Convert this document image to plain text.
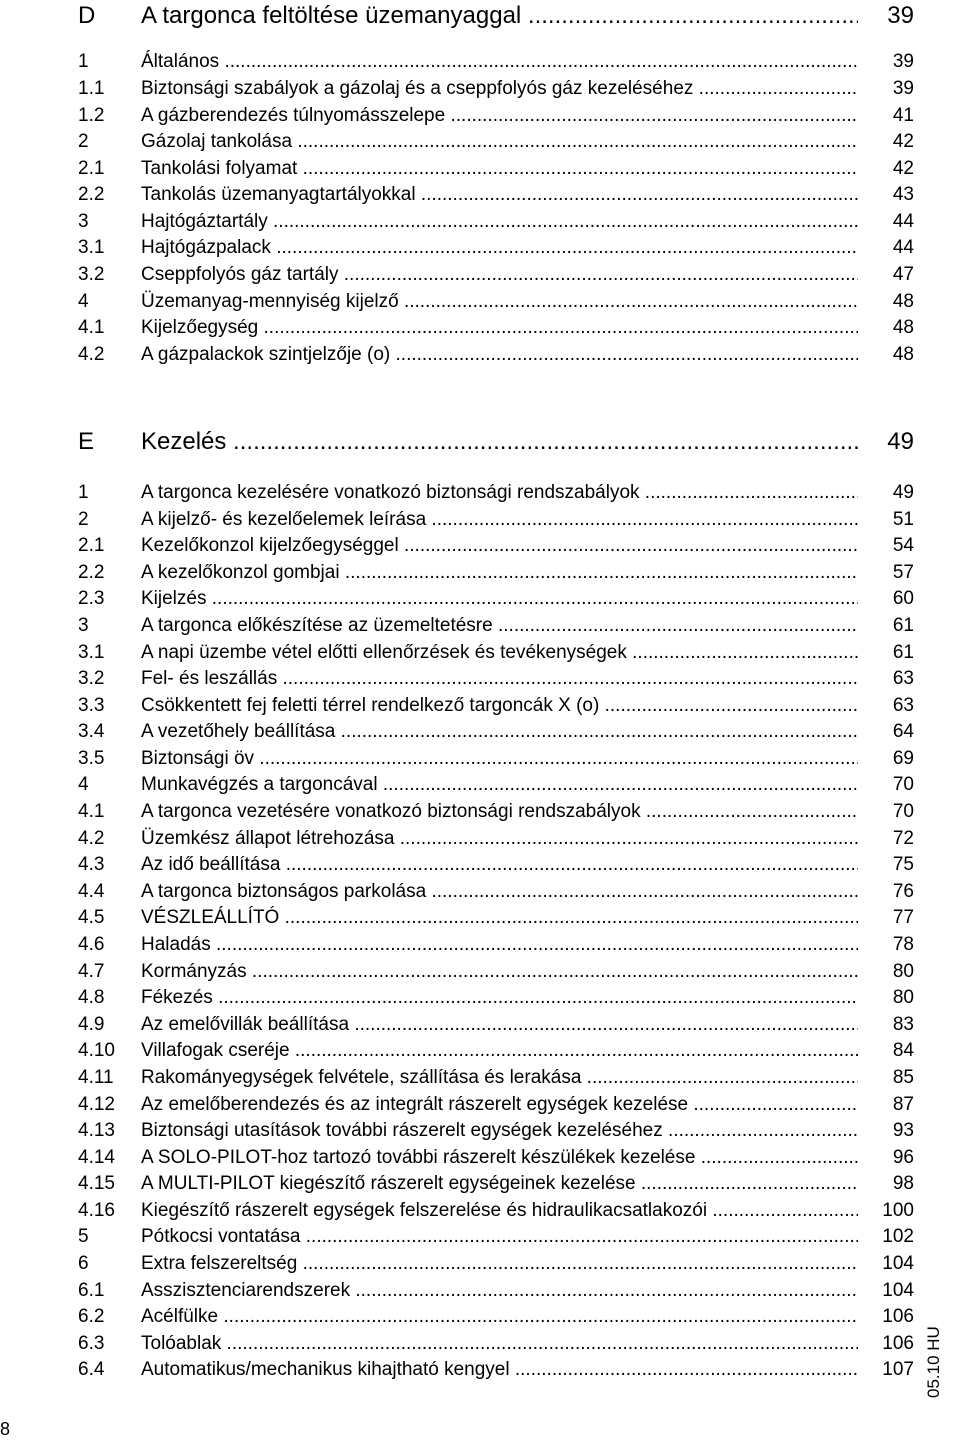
D A targonca feltöltése üzemanyaggal .....	39
1	Általános .....	39
1.1 Biztonsági szabályok a gázolaj és a cseppfolyós gáz kezeléséhez .....	39
1.2 A gázberendezés túlnyomásszelepe .....	41
2	Gázolaj tankolása .....	42
2.1 Tankolási folyamat .....	42
2.2 Tankolás üzemanyagtartályokkal .....	43
3	Hajtógáztartály .....	44
3.1 Hajtógázpalack .....	44
3.2 Cseppfolyós gáz tartály .....	47
4	Üzemanyag-mennyiség kijelző .....	48
4.1 Kijelzőegység .....	48
4.2 A gázpalackok szintjelzője (o) .....	48
E Kezelés .....	49
1	A targonca kezelésére vonatkozó biztonsági rendszabályok .....	49
2	A kijelző- és kezelőelemek leírása .....	51
2.1 Kezelőkonzol kijelzőegységgel .....	54
2.2 A kezelőkonzol gombjai .....	57
2.3 Kijelzés .....	60
3	A targonca előkészítése az üzemeltetésre .....	61
3.1 A napi üzembe vétel előtti ellenőrzések és tevékenységek .....	61
3.2 Fel- és leszállás .....	63
3.3 Csökkentett fej feletti térrel rendelkező targoncák X (o) .....	63
3.4 A vezetőhely beállítása .....	64
3.5 Biztonsági öv .....	69
4	Munkavégzés a targoncával .....	70
4.1 A targonca vezetésére vonatkozó biztonsági rendszabályok .....	70
4.2 Üzemkész állapot létrehozása .....	72
4.3 Az idő beállítása .....	75
4.4 A targonca biztonságos parkolása .....	76
4.5 VÉSZLEÁLLÍTÓ .....	77
4.6 Haladás .....	78
4.7 Kormányzás .....	80
4.8 Fékezés .....	80
4.9 Az emelővillák beállítása .....	83
4.10 Villafogak cseréje .....	84
4.11 Rakományegységek felvétele, szállítása és lerakása .....	85
4.12 Az emelőberendezés és az integrált rászerelt egységek kezelése .....	87
4.13 Biztonsági utasítások további rászerelt egységek kezeléséhez .....	93
4.14 A SOLO-PILOT-hoz tartozó további rászerelt készülékek kezelése .....	96
4.15 A MULTI-PILOT kiegészítő rászerelt egységeinek kezelése .....	98
4.16 Kiegészítő rászerelt egységek felszerelése és hidraulikacsatlakozói .....	100
5	Pótkocsi vontatása .....	102
6	Extra felszereltség .....	104
6.1 Asszisztenciarendszerek .....	104
6.2 Acélfülke .....	106
6.3 Tolóablak .....	106
6.4 Automatikus/mechanikus kihajtható kengyel .....	107 05.10 HU
8
